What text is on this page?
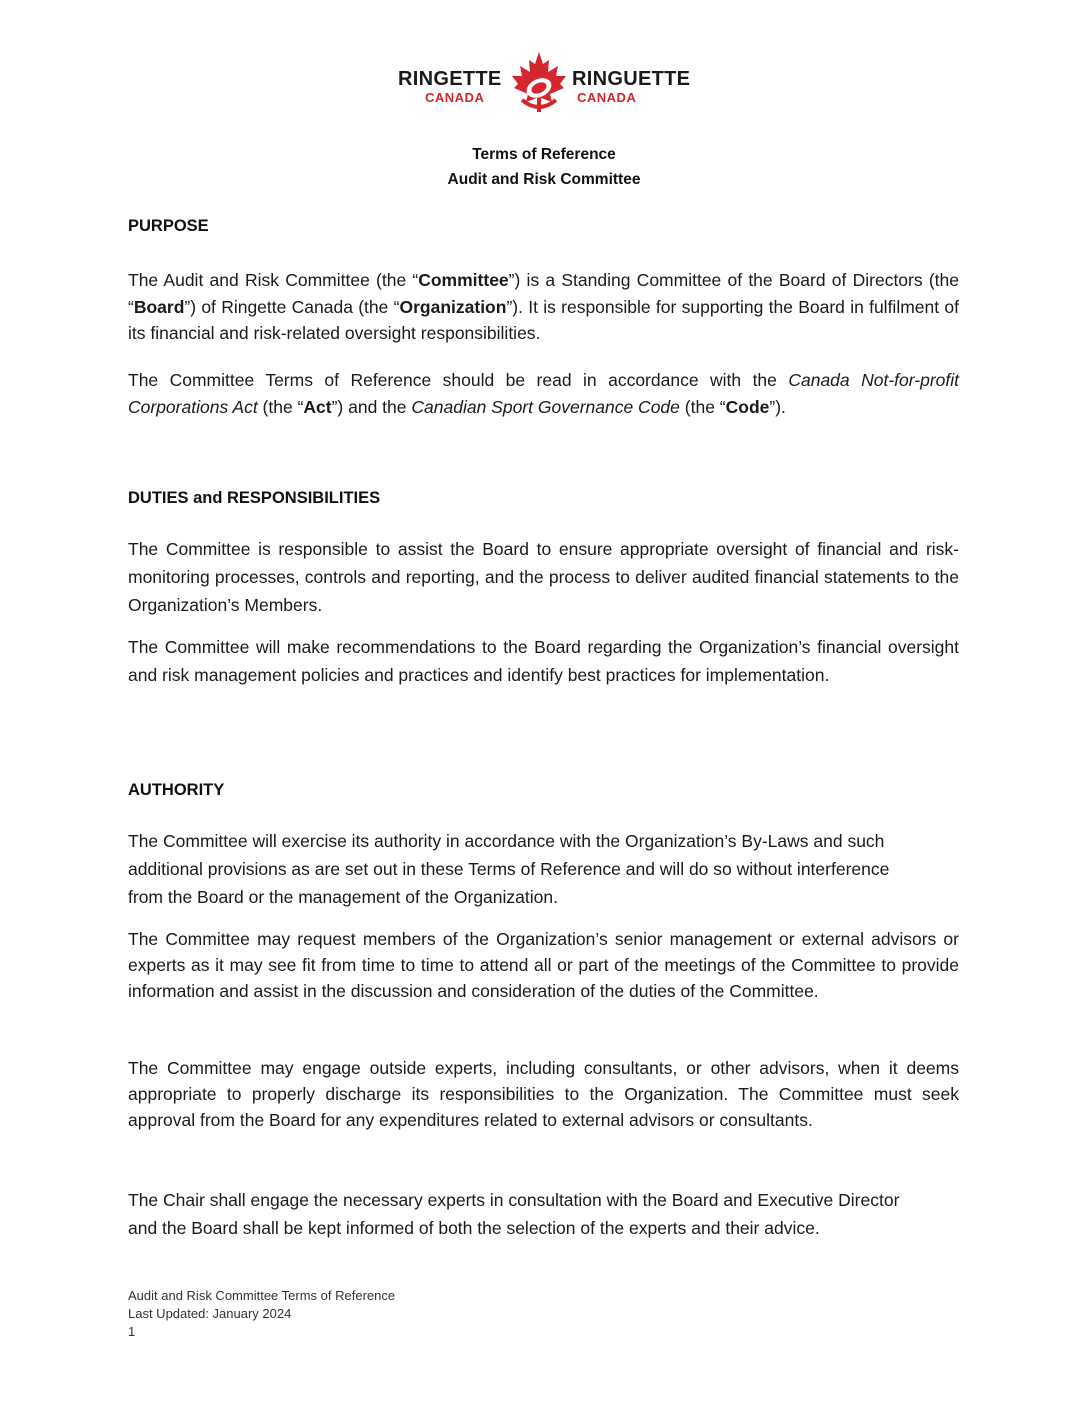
RINGETTE
CANADA
RINGUETTE
CANADA
Terms of Reference
Audit and Risk Committee
PURPOSE
The Audit and Risk Committee (the “Committee”) is a Standing Committee of the Board of Directors (the “Board”) of Ringette Canada (the “Organization”). It is responsible for supporting the Board in fulfilment of its financial and risk-related oversight responsibilities.
The Committee Terms of Reference should be read in accordance with the Canada Not-for-profit Corporations Act (the “Act”) and the Canadian Sport Governance Code (the “Code”).
DUTIES and RESPONSIBILITIES
The Committee is responsible to assist the Board to ensure appropriate oversight of financial and risk-monitoring processes, controls and reporting, and the process to deliver audited financial statements to the Organization’s Members.
The Committee will make recommendations to the Board regarding the Organization’s financial oversight and risk management policies and practices and identify best practices for implementation.
AUTHORITY
The Committee will exercise its authority in accordance with the Organization’s By-Laws and such additional provisions as are set out in these Terms of Reference and will do so without interference from the Board or the management of the Organization.
The Committee may request members of the Organization’s senior management or external advisors or experts as it may see fit from time to time to attend all or part of the meetings of the Committee to provide information and assist in the discussion and consideration of the duties of the Committee.
The Committee may engage outside experts, including consultants, or other advisors, when it deems appropriate to properly discharge its responsibilities to the Organization. The Committee must seek approval from the Board for any expenditures related to external advisors or consultants.
The Chair shall engage the necessary experts in consultation with the Board and Executive Director and the Board shall be kept informed of both the selection of the experts and their advice.
Audit and Risk Committee Terms of Reference
Last Updated: January 2024
1
